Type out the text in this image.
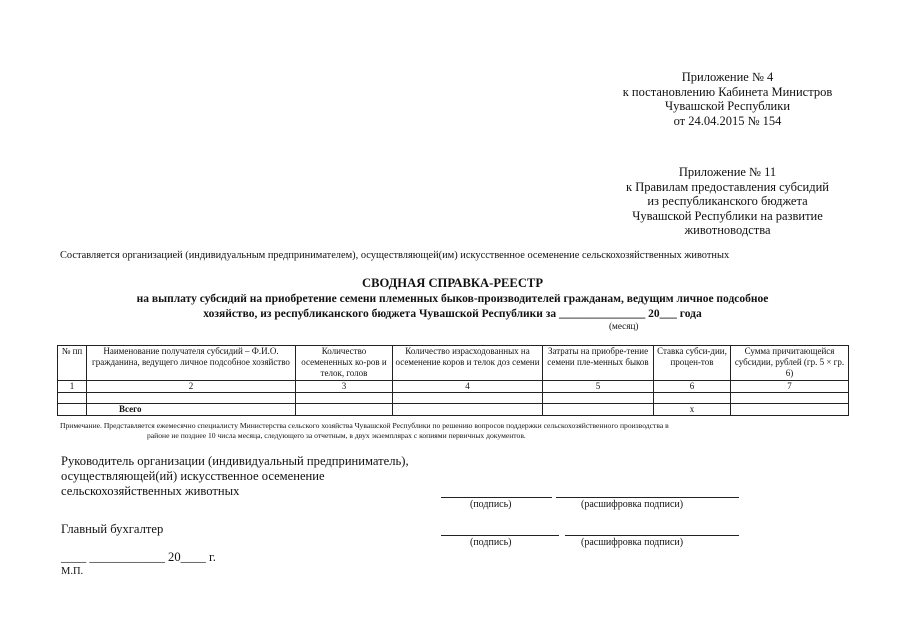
Приложение № 4
к постановлению Кабинета Министров
Чувашской Республики
от 24.04.2015 № 154
Приложение № 11
к Правилам предоставления субсидий
из республиканского бюджета
Чувашской Республики на развитие
животноводства
Составляется организацией (индивидуальным предпринимателем), осуществляющей(им) искусственное осеменение сельскохозяйственных животных
СВОДНАЯ СПРАВКА-РЕЕСТР
на выплату субсидий на приобретение семени племенных быков-производителей гражданам, ведущим личное подсобное
хозяйство, из республиканского бюджета Чувашской Республики за _______________ 20___ года
(месяц)
№ пп	Наименование получателя субсидий – Ф.И.О. гражданина, ведущего личное подсобное хозяйство	Количество осемененных ко-ров и телок, голов	Количество израсходованных на осеменение коров и телок доз семени	Затраты на приобре-тение семени пле-менных быков	Ставка субси-дии, процен-тов	Сумма причитающейся субсидии, рублей (гр. 5 × гр. 6)
1	2	3	4	5	6	7

	Всего				x	
Примечание. Представляется ежемесячно специалисту Министерства сельского хозяйства Чувашской Республики по решению вопросов поддержки сельскохозяйственного производства в
районе не позднее 10 числа месяца, следующего за отчетным, в двух экземплярах с копиями первичных документов.
Руководитель организации (индивидуальный предприниматель),
осуществляющей(ий) искусственное осеменение
сельскохозяйственных животных
(подпись)	(расшифровка подписи)
Главный бухгалтер
(подпись)	(расшифровка подписи)
____ ____________ 20____ г.
М.П.
